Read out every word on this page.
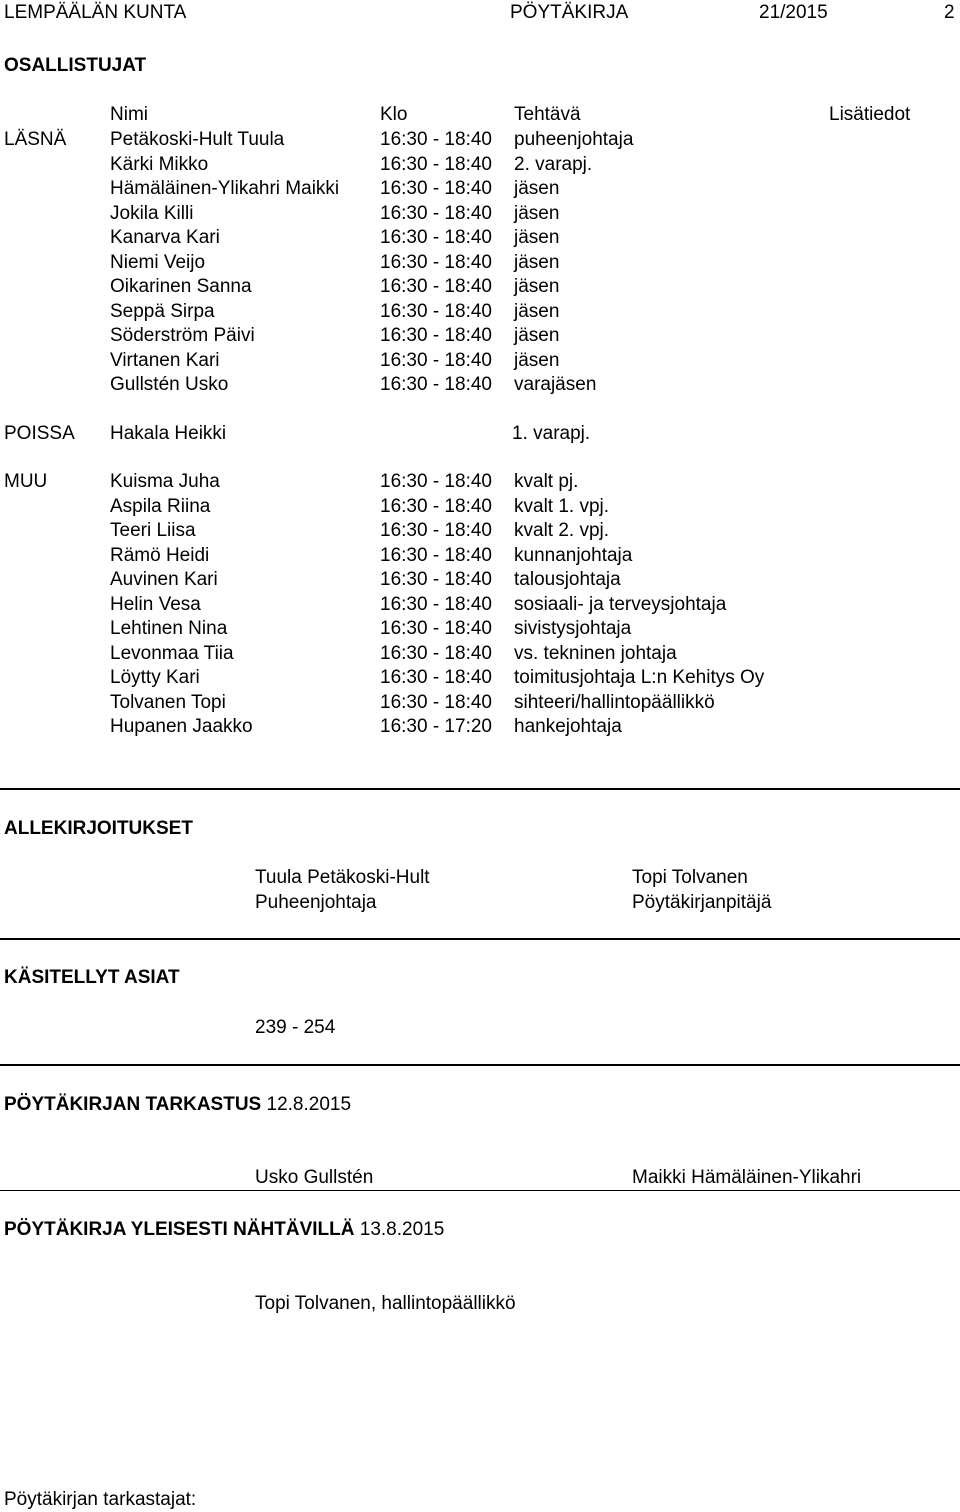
LEMPÄÄLÄN KUNTA	PÖYTÄKIRJA	21/2015	2
OSALLISTUJAT
Nimi	Klo	Tehtävä	Lisätiedot
LÄSNÄ Petäkoski-Hult Tuula	16:30 - 18:40 puheenjohtaja
Kärki Mikko	16:30 - 18:40 2. varapj.
Hämäläinen-Ylikahri Maikki 16:30 - 18:40 jäsen
Jokila Killi	16:30 - 18:40 jäsen
Kanarva Kari	16:30 - 18:40 jäsen
Niemi Veijo	16:30 - 18:40 jäsen
Oikarinen Sanna	16:30 - 18:40 jäsen
Seppä Sirpa	16:30 - 18:40 jäsen
Söderström Päivi	16:30 - 18:40 jäsen
Virtanen Kari	16:30 - 18:40 jäsen
Gullstén Usko	16:30 - 18:40 varajäsen
POISSA Hakala Heikki	1. varapj.
MUU	Kuisma Juha	16:30 - 18:40 kvalt pj.
Aspila Riina	16:30 - 18:40 kvalt 1. vpj.
Teeri Liisa	16:30 - 18:40 kvalt 2. vpj.
Rämö Heidi	16:30 - 18:40 kunnanjohtaja
Auvinen Kari	16:30 - 18:40 talousjohtaja
Helin Vesa	16:30 - 18:40 sosiaali- ja terveysjohtaja
Lehtinen Nina	16:30 - 18:40 sivistysjohtaja
Levonmaa Tiia	16:30 - 18:40 vs. tekninen johtaja
Löytty Kari	16:30 - 18:40 toimitusjohtaja L:n Kehitys Oy
Tolvanen Topi	16:30 - 18:40 sihteeri/hallintopäällikkö
Hupanen Jaakko	16:30 - 17:20 hankejohtaja
ALLEKIRJOITUKSET
Tuula Petäkoski-Hult
Puheenjohtaja
Topi Tolvanen
Pöytäkirjanpitäjä
KÄSITELLYT ASIAT
239 - 254
PÖYTÄKIRJAN TARKASTUS 12.8.2015
Usko Gullstén	Maikki Hämäläinen-Ylikahri
PÖYTÄKIRJA YLEISESTI NÄHTÄVILLÄ 13.8.2015
Topi Tolvanen, hallintopäällikkö
Pöytäkirjan tarkastajat:
